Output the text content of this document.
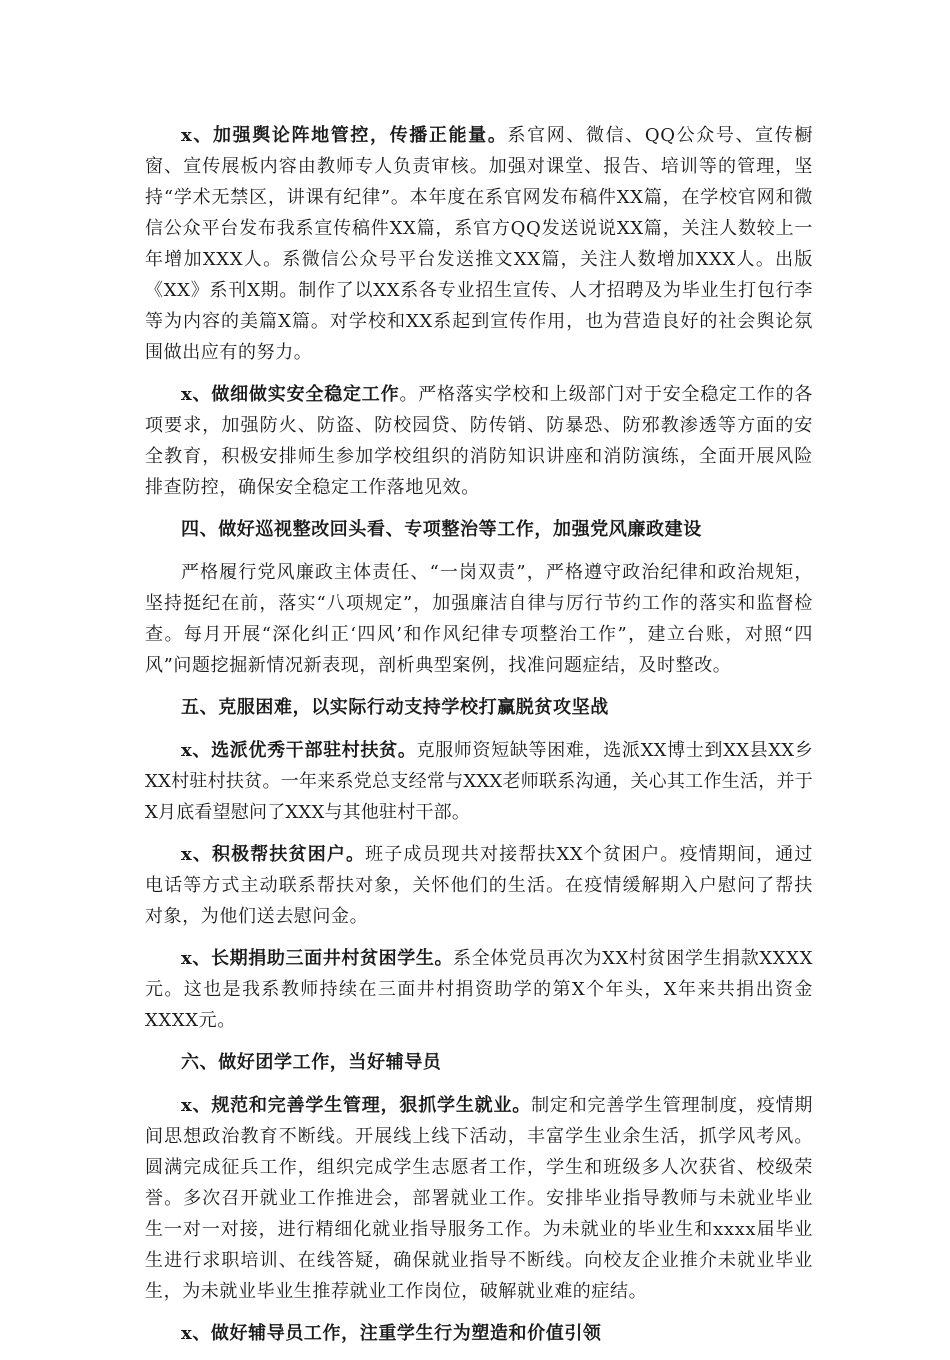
x、加强舆论阵地管控，传播正能量。系官网、微信、QQ公众号、宣传橱窗、宣传展板内容由教师专人负责审核。加强对课堂、报告、培训等的管理，坚持“学术无禁区，讲课有纪律”。本年度在系官网发布稿件XX篇，在学校官网和微信公众平台发布我系宣传稿件XX篇，系官方QQ发送说说XX篇，关注人数较上一年增加XXX人。系微信公众号平台发送推文XX篇，关注人数增加XXX人。出版《XX》系刊X期。制作了以XX系各专业招生宣传、人才招聘及为毕业生打包行李等为内容的美篇X篇。对学校和XX系起到宣传作用，也为营造良好的社会舆论氛围做出应有的努力。

x、做细做实安全稳定工作。严格落实学校和上级部门对于安全稳定工作的各项要求，加强防火、防盗、防校园贷、防传销、防暴恐、防邪教渗透等方面的安全教育，积极安排师生参加学校组织的消防知识讲座和消防演练，全面开展风险排查防控，确保安全稳定工作落地见效。

四、做好巡视整改回头看、专项整治等工作，加强党风廉政建设

严格履行党风廉政主体责任、“一岗双责”，严格遵守政治纪律和政治规矩，坚持挺纪在前，落实“八项规定”，加强廉洁自律与厉行节约工作的落实和监督检查。每月开展“深化纠正‘四风’和作风纪律专项整治工作”，建立台账，对照“四风”问题挖掘新情况新表现，剖析典型案例，找准问题症结，及时整改。

五、克服困难，以实际行动支持学校打赢脱贫攻坚战

x、选派优秀干部驻村扶贫。克服师资短缺等困难，选派XX博士到XX县XX乡XX村驻村扶贫。一年来系党总支经常与XXX老师联系沟通，关心其工作生活，并于X月底看望慰问了XXX与其他驻村干部。

x、积极帮扶贫困户。班子成员现共对接帮扶XX个贫困户。疫情期间，通过电话等方式主动联系帮扶对象，关怀他们的生活。在疫情缓解期入户慰问了帮扶对象，为他们送去慰问金。

x、长期捐助三面井村贫困学生。系全体党员再次为XX村贫困学生捐款XXXX元。这也是我系教师持续在三面井村捐资助学的第X个年头，X年来共捐出资金XXXX元。

六、做好团学工作，当好辅导员

x、规范和完善学生管理，狠抓学生就业。制定和完善学生管理制度，疫情期间思想政治教育不断线。开展线上线下活动，丰富学生业余生活，抓学风考风。圆满完成征兵工作，组织完成学生志愿者工作，学生和班级多人次获省、校级荣誉。多次召开就业工作推进会，部署就业工作。安排毕业指导教师与未就业毕业生一对一对接，进行精细化就业指导服务工作。为未就业的毕业生和xxxx届毕业生进行求职培训、在线答疑，确保就业指导不断线。向校友企业推介未就业毕业生，为未就业毕业生推荐就业工作岗位，破解就业难的症结。

x、做好辅导员工作，注重学生行为塑造和价值引领
